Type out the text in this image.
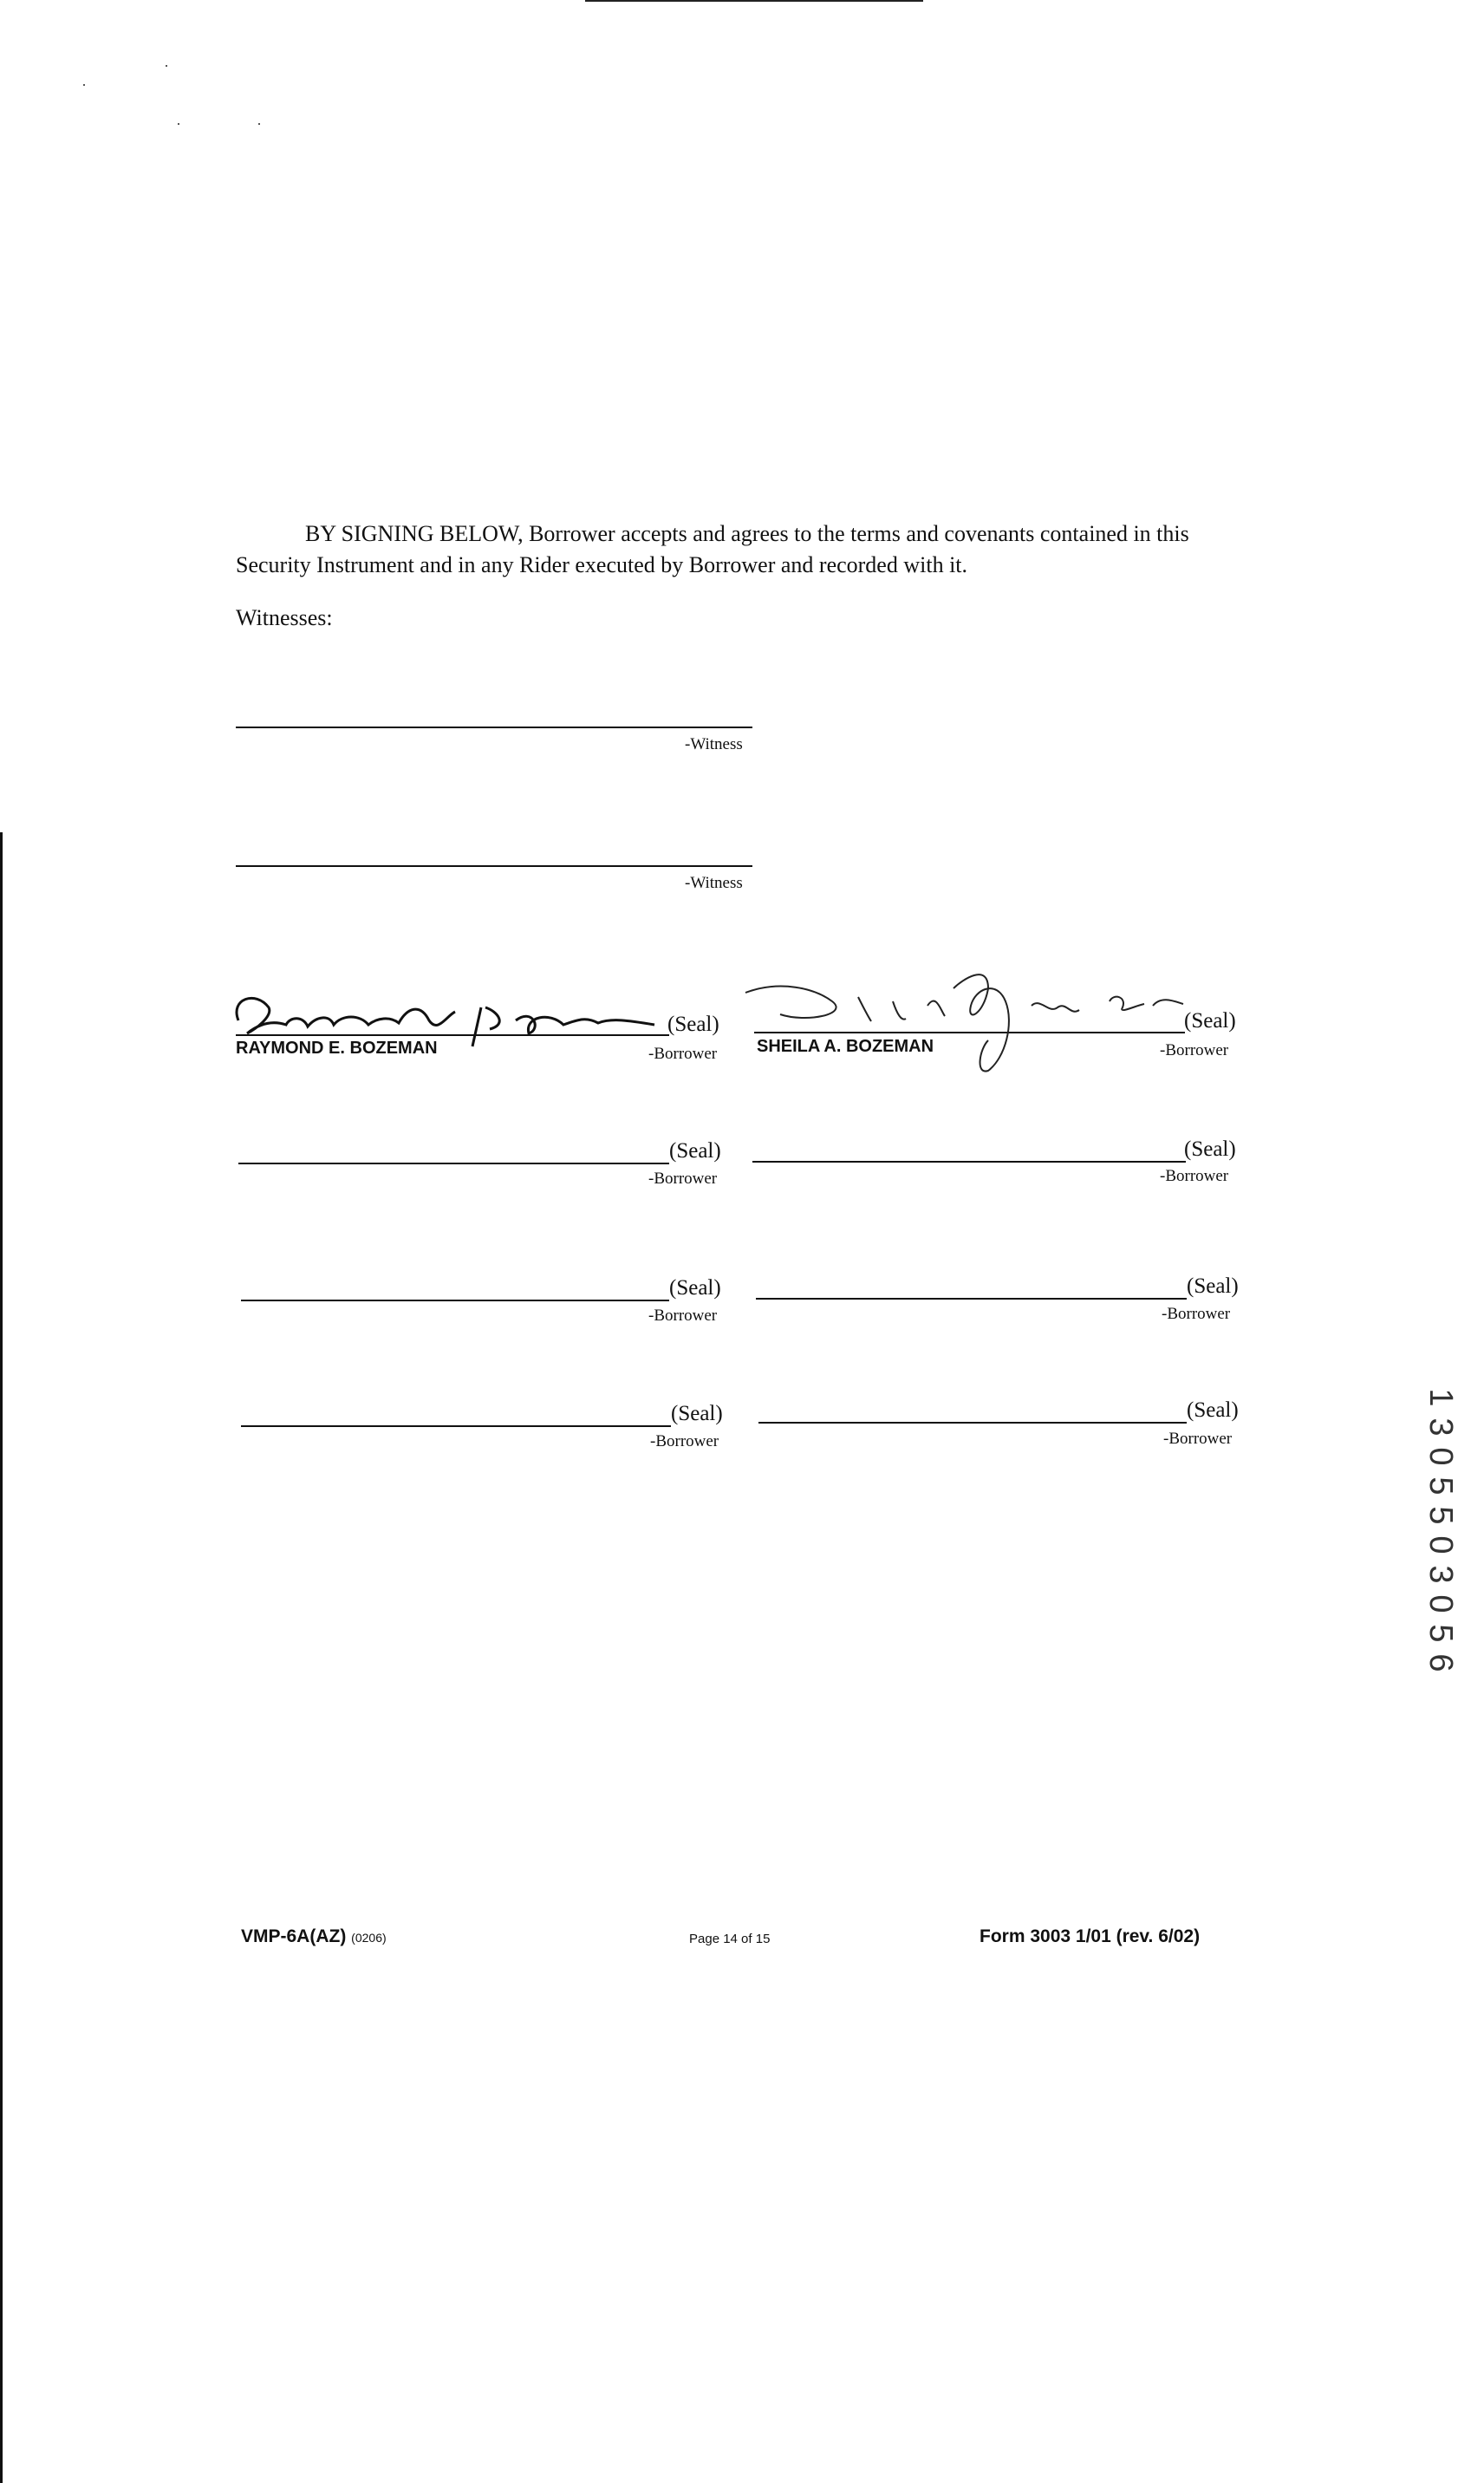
BY SIGNING BELOW, Borrower accepts and agrees to the terms and covenants contained in this Security Instrument and in any Rider executed by Borrower and recorded with it.
Witnesses:
-Witness
-Witness
(Seal)
RAYMOND E. BOZEMAN	-Borrower
(Seal)
SHEILA A. BOZEMAN	-Borrower
(Seal)
-Borrower
(Seal)
-Borrower
(Seal)
-Borrower
(Seal)
-Borrower
(Seal)
-Borrower
(Seal)
-Borrower
1
3
0
5
5
0
3
0
5
6
VMP-6A(AZ) (0206)	Page 14 of 15	Form 3003 1/01 (rev. 6/02)
